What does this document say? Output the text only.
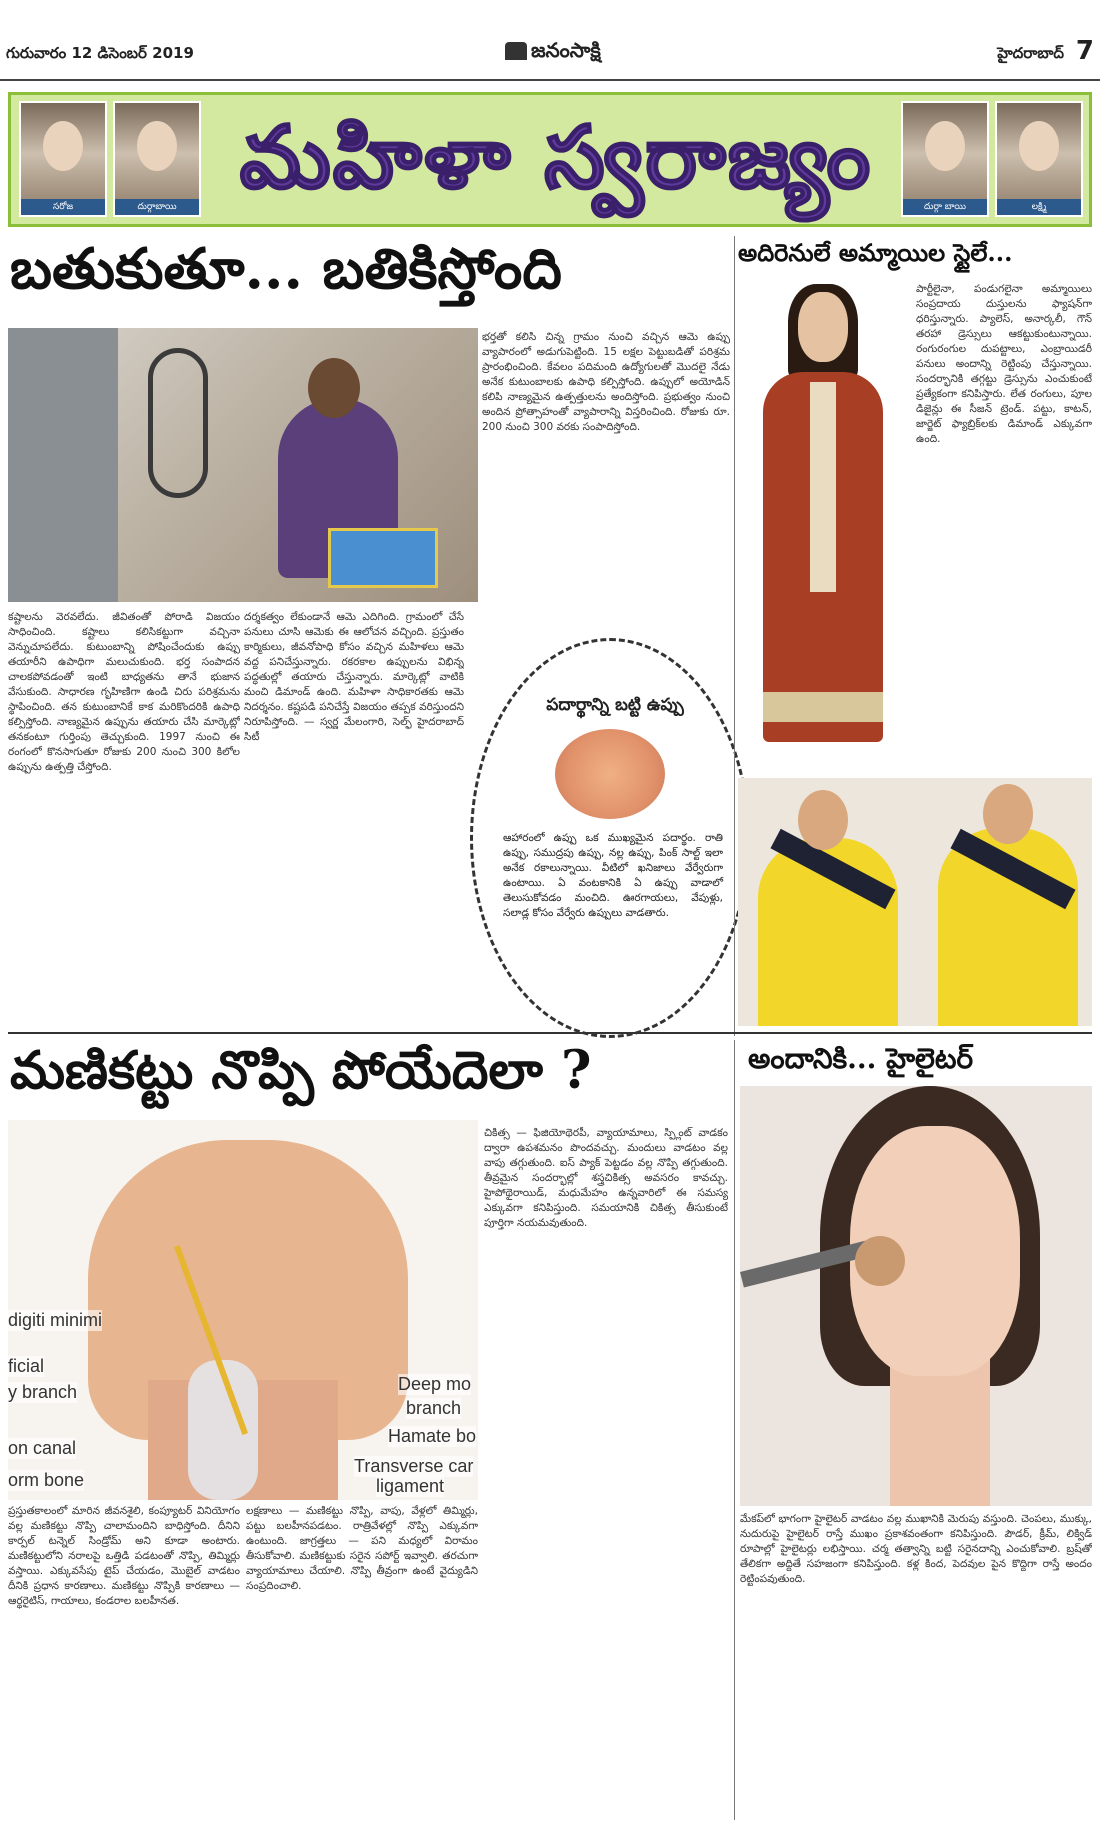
గురువారం 12 డిసెంబర్ 2019	జనంసాక్షి	హైదరాబాద్ 7
సరోజ	దుర్గాబాయి మహిళా స్వరాజ్యం	దుర్గా బాయి	లక్ష్మి
బతుకుతూ... బతికిస్తోంది
భర్తతో కలిసి చిన్న గ్రామం నుంచి వచ్చిన ఆమె ఉప్పు వ్యాపారంలో అడుగుపెట్టింది. 15 లక్షల పెట్టుబడితో పరిశ్రమ ప్రారంభించింది. కేవలం పదిమంది ఉద్యోగులతో మొదలై నేడు అనేక కుటుంబాలకు ఉపాధి కల్పిస్తోంది. ఉప్పులో అయోడిన్ కలిపి నాణ్యమైన ఉత్పత్తులను అందిస్తోంది. ప్రభుత్వం నుంచి అందిన ప్రోత్సాహంతో వ్యాపారాన్ని విస్తరించింది. రోజుకు రూ. 200 నుంచి 300 వరకు సంపాదిస్తోంది.
కష్టాలను వెరవలేదు. జీవితంతో పోరాడి విజయం సాధించింది. కష్టాలు కలిసికట్టుగా వచ్చినా వెన్నుచూపలేదు. కుటుంబాన్ని పోషించేందుకు ఉప్పు తయారీని ఉపాధిగా మలుచుకుంది. భర్త సంపాదన చాలకపోవడంతో ఇంటి బాధ్యతను తానే భుజాన వేసుకుంది. సాధారణ గృహిణిగా ఉండి చిరు పరిశ్రమను స్థాపించింది. తన కుటుంబానికే కాక మరికొందరికి ఉపాధి కల్పిస్తోంది. నాణ్యమైన ఉప్పును తయారు చేసి మార్కెట్లో తనకంటూ గుర్తింపు తెచ్చుకుంది. 1997 నుంచి ఈ రంగంలో కొనసాగుతూ రోజుకు 200 నుంచి 300 కిలోల ఉప్పును ఉత్పత్తి చేస్తోంది.
దర్శకత్వం లేకుండానే ఆమె ఎదిగింది. గ్రామంలో చేసే పనులు చూసి ఆమెకు ఈ ఆలోచన వచ్చింది. ప్రస్తుతం కార్మికులు, జీవనోపాధి కోసం వచ్చిన మహిళలు ఆమె వద్ద పనిచేస్తున్నారు. రకరకాల ఉప్పులను విభిన్న పద్ధతుల్లో తయారు చేస్తున్నారు. మార్కెట్లో వాటికి మంచి డిమాండ్ ఉంది. మహిళా సాధికారతకు ఆమె నిదర్శనం. కష్టపడి పనిచేస్తే విజయం తప్పక వరిస్తుందని నిరూపిస్తోంది. — స్వర్ణ మేలంగారి, సెల్ఫ్ హైదరాబాద్ సిటీ
పదార్థాన్ని బట్టి ఉప్పు
ఆహారంలో ఉప్పు ఒక ముఖ్యమైన పదార్థం. రాతి ఉప్పు, సముద్రపు ఉప్పు, నల్ల ఉప్పు, పింక్ సాల్ట్ ఇలా అనేక రకాలున్నాయి. వీటిలో ఖనిజాలు వేర్వేరుగా ఉంటాయి. ఏ వంటకానికి ఏ ఉప్పు వాడాలో తెలుసుకోవడం మంచిది. ఊరగాయలు, వేపుళ్లు, సలాడ్ల కోసం వేర్వేరు ఉప్పులు వాడతారు.
అదిరెనులే అమ్మాయిల స్టైలే...
పార్టీలైనా, పండుగలైనా అమ్మాయిలు సంప్రదాయ దుస్తులను ఫ్యాషన్‌గా ధరిస్తున్నారు. ప్యాలెస్, అనార్కలీ, గౌన్ తరహా డ్రెస్సులు ఆకట్టుకుంటున్నాయి. రంగురంగుల దుపట్టాలు, ఎంబ్రాయిడరీ పనులు అందాన్ని రెట్టింపు చేస్తున్నాయి. సందర్భానికి తగ్గట్టు డ్రెస్సును ఎంచుకుంటే ప్రత్యేకంగా కనిపిస్తారు. లేత రంగులు, పూల డిజైన్లు ఈ సీజన్ ట్రెండ్. పట్టు, కాటన్, జార్జెట్ ఫ్యాబ్రిక్‌లకు డిమాండ్ ఎక్కువగా ఉంది.
మణికట్టు నొప్పి పోయేదెలా ?
digiti minimi
ficial
y branch
on canal
orm bone
Deep mo
branch
Hamate bo
Transverse car
ligament
చికిత్స — ఫిజియోథెరపీ, వ్యాయామాలు, స్ప్లింట్ వాడకం ద్వారా ఉపశమనం పొందవచ్చు. మందులు వాడటం వల్ల వాపు తగ్గుతుంది. ఐస్ ప్యాక్ పెట్టడం వల్ల నొప్పి తగ్గుతుంది. తీవ్రమైన సందర్భాల్లో శస్త్రచికిత్స అవసరం కావచ్చు. హైపోథైరాయిడ్, మధుమేహం ఉన్నవారిలో ఈ సమస్య ఎక్కువగా కనిపిస్తుంది. సమయానికి చికిత్స తీసుకుంటే పూర్తిగా నయమవుతుంది.
ప్రస్తుతకాలంలో మారిన జీవనశైలి, కంప్యూటర్ వినియోగం వల్ల మణికట్టు నొప్పి చాలామందిని బాధిస్తోంది. దీనిని కార్పల్ టన్నెల్ సిండ్రోమ్ అని కూడా అంటారు. మణికట్టులోని నరాలపై ఒత్తిడి పడటంతో నొప్పి, తిమ్మిర్లు వస్తాయి. ఎక్కువసేపు టైప్ చేయడం, మొబైల్ వాడటం దీనికి ప్రధాన కారణాలు. మణికట్టు నొప్పికి కారణాలు — ఆర్థరైటిస్, గాయాలు, కండరాల బలహీనత.
లక్షణాలు — మణికట్టు నొప్పి, వాపు, వేళ్లలో తిమ్మిర్లు, పట్టు బలహీనపడటం. రాత్రివేళల్లో నొప్పి ఎక్కువగా ఉంటుంది. జాగ్రత్తలు — పని మధ్యలో విరామం తీసుకోవాలి. మణికట్టుకు సరైన సపోర్ట్ ఇవ్వాలి. తరచుగా వ్యాయామాలు చేయాలి. నొప్పి తీవ్రంగా ఉంటే వైద్యుడిని సంప్రదించాలి.
అందానికి... హైలైటర్
మేకప్‌లో భాగంగా హైలైటర్ వాడటం వల్ల ముఖానికి మెరుపు వస్తుంది. చెంపలు, ముక్కు, నుదురుపై హైలైటర్ రాస్తే ముఖం ప్రకాశవంతంగా కనిపిస్తుంది. పౌడర్, క్రీమ్, లిక్విడ్ రూపాల్లో హైలైటర్లు లభిస్తాయి. చర్మ తత్వాన్ని బట్టి సరైనదాన్ని ఎంచుకోవాలి. బ్రష్‌తో తేలికగా అద్దితే సహజంగా కనిపిస్తుంది. కళ్ల కింద, పెదవుల పైన కొద్దిగా రాస్తే అందం రెట్టింపవుతుంది.
